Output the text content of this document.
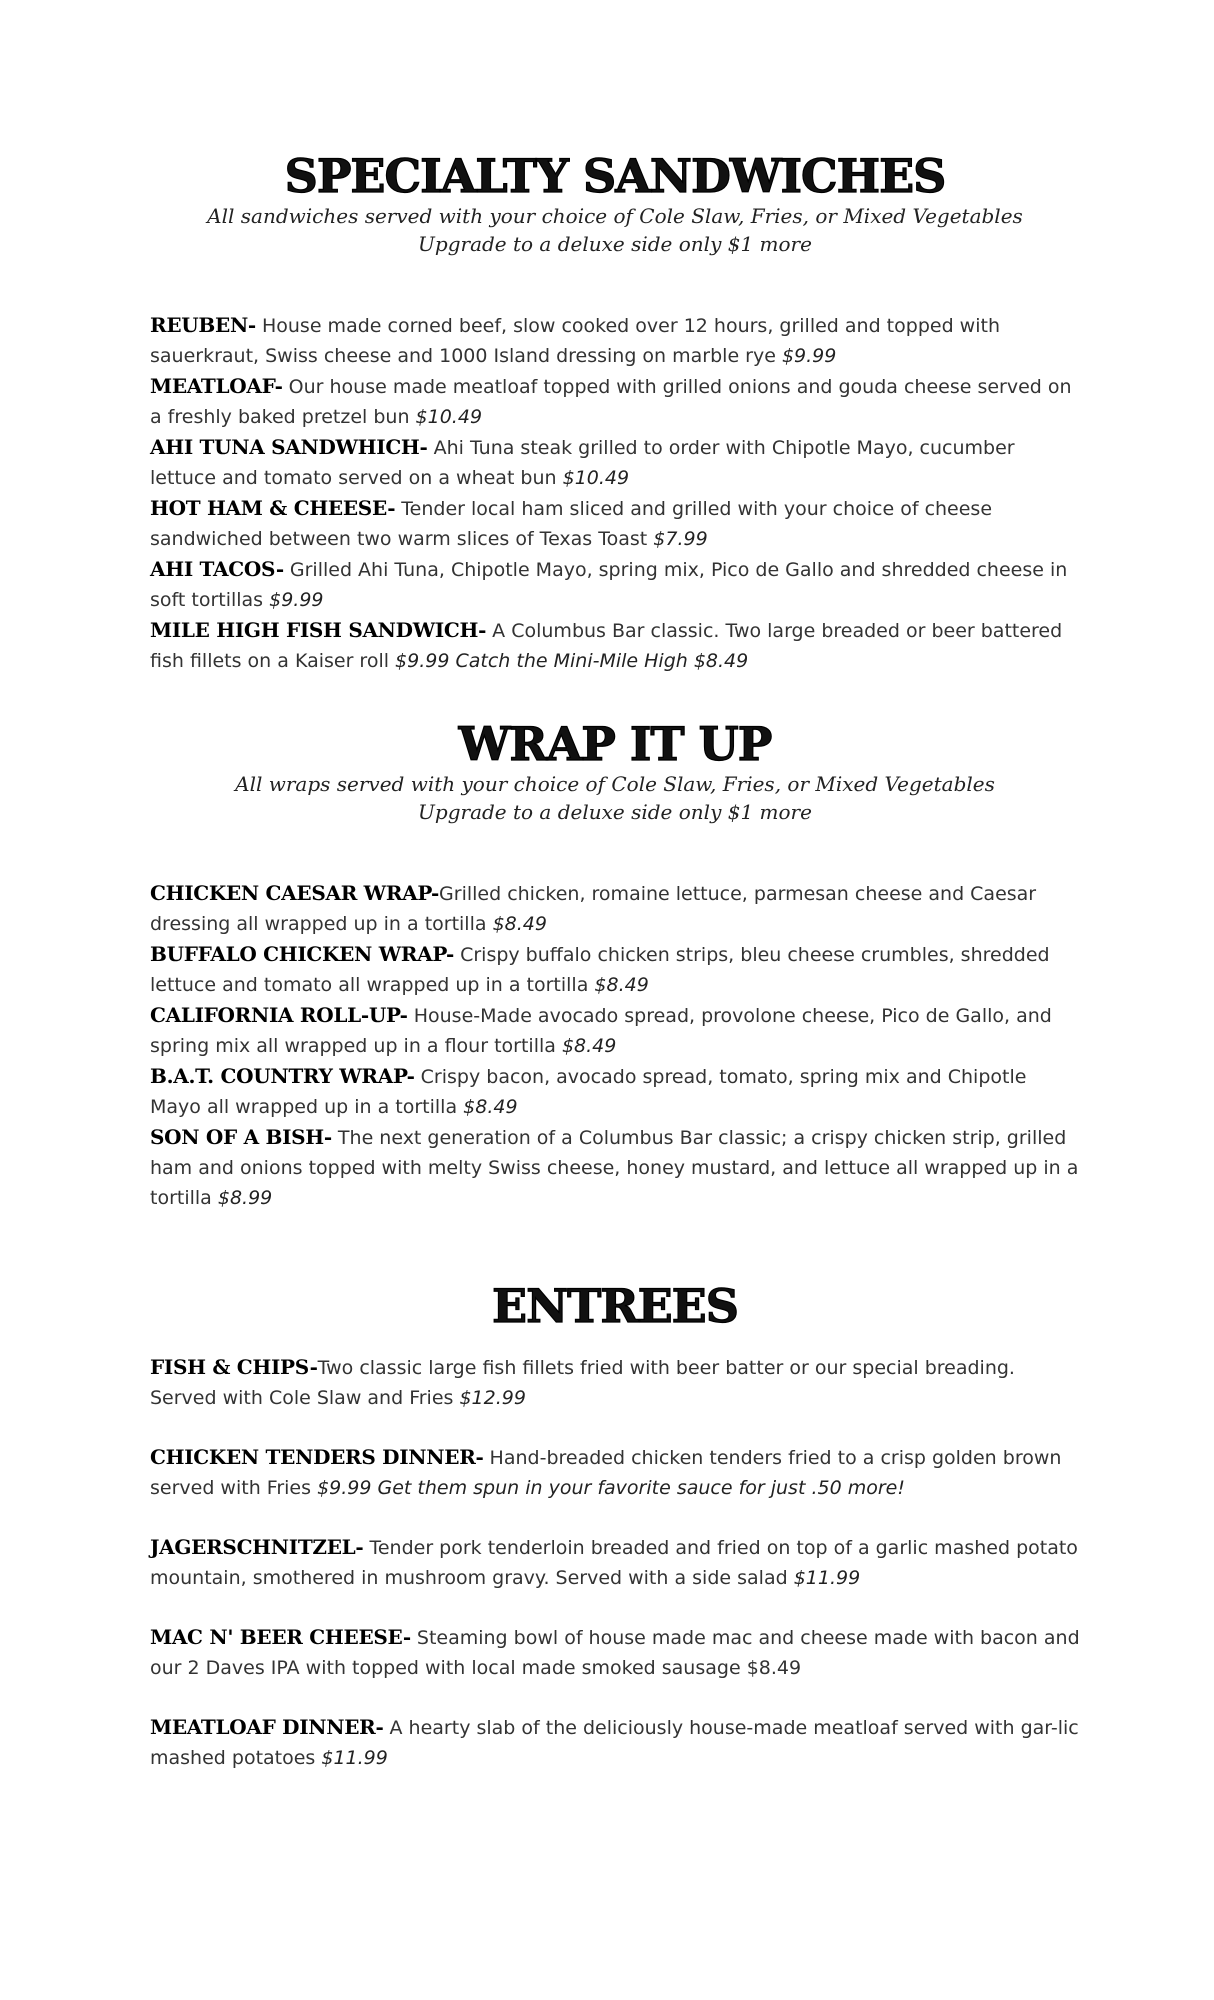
SPECIALTY SANDWICHES

All sandwiches served with your choice of Cole Slaw, Fries, or Mixed Vegetables

Upgrade to a deluxe side only $1 more

REUBEN- House made corned beef, slow cooked over 12 hours, grilled and topped with sauerkraut, Swiss cheese and 1000 Island dressing on marble rye $9.99

MEATLOAF- Our house made meatloaf topped with grilled onions and gouda cheese served on a freshly baked pretzel bun $10.49

AHI TUNA SANDWHICH- Ahi Tuna steak grilled to order with Chipotle Mayo, cucumber lettuce and tomato served on a wheat bun $10.49

HOT HAM & CHEESE- Tender local ham sliced and grilled with your choice of cheese sandwiched between two warm slices of Texas Toast $7.99

AHI TACOS- Grilled Ahi Tuna, Chipotle Mayo, spring mix, Pico de Gallo and shredded cheese in soft tortillas $9.99

MILE HIGH FISH SANDWICH- A Columbus Bar classic. Two large breaded or beer battered fish fillets on a Kaiser roll $9.99 Catch the Mini-Mile High $8.49

WRAP IT UP

All wraps served with your choice of Cole Slaw, Fries, or Mixed Vegetables

Upgrade to a deluxe side only $1 more

CHICKEN CAESAR WRAP-Grilled chicken, romaine lettuce, parmesan cheese and Caesar dressing all wrapped up in a tortilla $8.49

BUFFALO CHICKEN WRAP- Crispy buffalo chicken strips, bleu cheese crumbles, shredded lettuce and tomato all wrapped up in a tortilla $8.49

CALIFORNIA ROLL-UP- House-Made avocado spread, provolone cheese, Pico de Gallo, and spring mix all wrapped up in a flour tortilla $8.49

B.A.T. COUNTRY WRAP- Crispy bacon, avocado spread, tomato, spring mix and Chipotle Mayo all wrapped up in a tortilla $8.49

SON OF A BISH- The next generation of a Columbus Bar classic; a crispy chicken strip, grilled ham and onions topped with melty Swiss cheese, honey mustard, and lettuce all wrapped up in a tortilla $8.99

ENTREES

FISH & CHIPS-Two classic large fish fillets fried with beer batter or our special breading. Served with Cole Slaw and Fries $12.99

CHICKEN TENDERS DINNER- Hand-breaded chicken tenders fried to a crisp golden brown served with Fries $9.99 Get them spun in your favorite sauce for just .50 more!

JAGERSCHNITZEL- Tender pork tenderloin breaded and fried on top of a garlic mashed potato mountain, smothered in mushroom gravy. Served with a side salad $11.99

MAC N' BEER CHEESE- Steaming bowl of house made mac and cheese made with bacon and our 2 Daves IPA with topped with local made smoked sausage $8.49

MEATLOAF DINNER- A hearty slab of the deliciously house-made meatloaf served with gar-lic mashed potatoes $11.99
